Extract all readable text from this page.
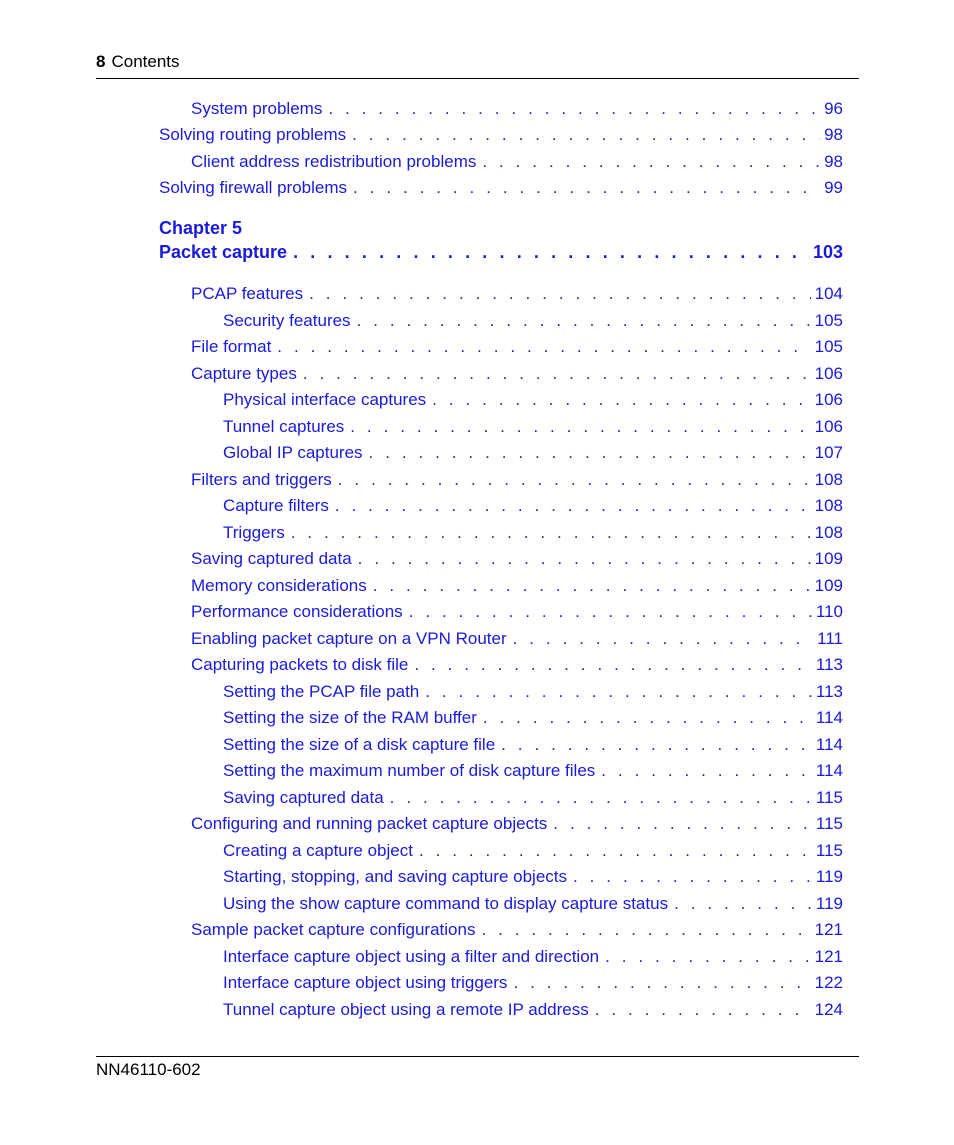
8 Contents
System problems . . .	96
Solving routing problems . . .	98
Client address redistribution problems . . .	98
Solving firewall problems . . .	99
Chapter 5
Packet capture . . .	103
PCAP features . . .	104
Security features . . .	105
File format . . .	105
Capture types . . .	106
Physical interface captures . . .	106
Tunnel captures . . .	106
Global IP captures . . .	107
Filters and triggers . . .	108
Capture filters . . .	108
Triggers . . .	108
Saving captured data . . .	109
Memory considerations . . .	109
Performance considerations . . .	110
Enabling packet capture on a VPN Router . . .	111
Capturing packets to disk file . . .	113
Setting the PCAP file path . . .	113
Setting the size of the RAM buffer . . .	114
Setting the size of a disk capture file . . .	114
Setting the maximum number of disk capture files . . .	114
Saving captured data . . .	115
Configuring and running packet capture objects . . .	115
Creating a capture object . . .	115
Starting, stopping, and saving capture objects . . .	119
Using the show capture command to display capture status . . .	119
Sample packet capture configurations . . .	121
Interface capture object using a filter and direction . . .	121
Interface capture object using triggers . . .	122
Tunnel capture object using a remote IP address . . .	124
NN46110-602
